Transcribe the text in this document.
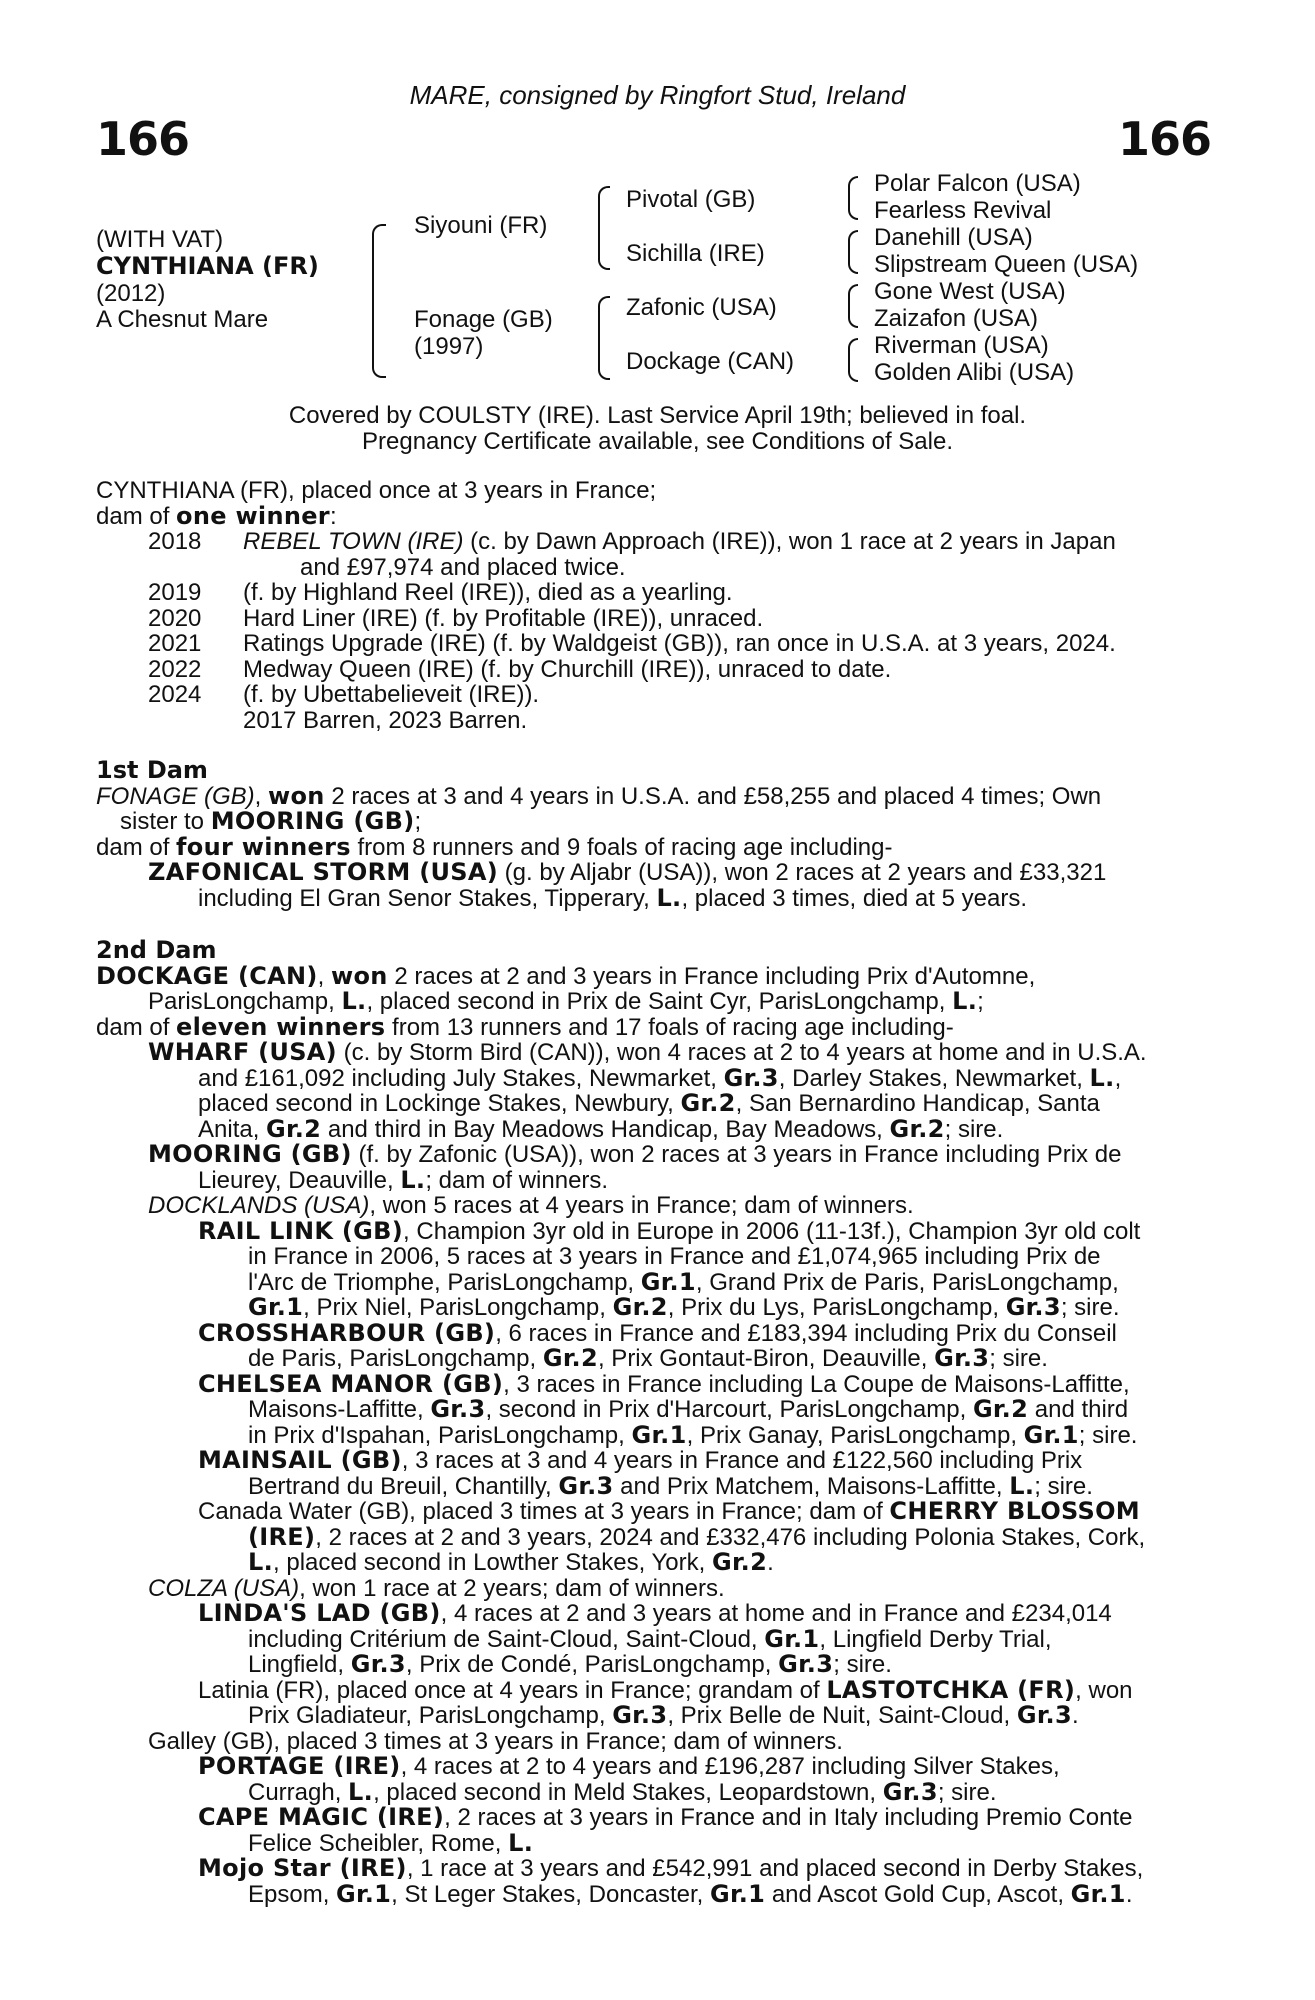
MARE, consigned by Ringfort Stud, Ireland
166	166
(WITH VAT)
CYNTHIANA (FR)
(2012)
A Chesnut Mare
Siyouni (FR)
Fonage (GB)
(1997)
Pivotal (GB)
Sichilla (IRE)
Zafonic (USA)
Dockage (CAN)
Polar Falcon (USA)
Fearless Revival
Danehill (USA)
Slipstream Queen (USA)
Gone West (USA)
Zaizafon (USA)
Riverman (USA)
Golden Alibi (USA)
Covered by COULSTY (IRE). Last Service April 19th; believed in foal.
Pregnancy Certificate available, see Conditions of Sale.
CYNTHIANA (FR), placed once at 3 years in France;
dam of one winner:
2018 REBEL TOWN (IRE) (c. by Dawn Approach (IRE)), won 1 race at 2 years in Japan
and £97,974 and placed twice.
2019 (f. by Highland Reel (IRE)), died as a yearling.
2020 Hard Liner (IRE) (f. by Profitable (IRE)), unraced.
2021 Ratings Upgrade (IRE) (f. by Waldgeist (GB)), ran once in U.S.A. at 3 years, 2024.
2022 Medway Queen (IRE) (f. by Churchill (IRE)), unraced to date.
2024 (f. by Ubettabelieveit (IRE)).
2017 Barren, 2023 Barren.
1st Dam
FONAGE (GB), won 2 races at 3 and 4 years in U.S.A. and £58,255 and placed 4 times; Own
sister to MOORING (GB);
dam of four winners from 8 runners and 9 foals of racing age including-
ZAFONICAL STORM (USA) (g. by Aljabr (USA)), won 2 races at 2 years and £33,321
including El Gran Senor Stakes, Tipperary, L., placed 3 times, died at 5 years.
2nd Dam
DOCKAGE (CAN), won 2 races at 2 and 3 years in France including Prix d'Automne,
ParisLongchamp, L., placed second in Prix de Saint Cyr, ParisLongchamp, L.;
dam of eleven winners from 13 runners and 17 foals of racing age including-
WHARF (USA) (c. by Storm Bird (CAN)), won 4 races at 2 to 4 years at home and in U.S.A.
and £161,092 including July Stakes, Newmarket, Gr.3, Darley Stakes, Newmarket, L.,
placed second in Lockinge Stakes, Newbury, Gr.2, San Bernardino Handicap, Santa
Anita, Gr.2 and third in Bay Meadows Handicap, Bay Meadows, Gr.2; sire.
MOORING (GB) (f. by Zafonic (USA)), won 2 races at 3 years in France including Prix de
Lieurey, Deauville, L.; dam of winners.
DOCKLANDS (USA), won 5 races at 4 years in France; dam of winners.
RAIL LINK (GB), Champion 3yr old in Europe in 2006 (11-13f.), Champion 3yr old colt
in France in 2006, 5 races at 3 years in France and £1,074,965 including Prix de
l'Arc de Triomphe, ParisLongchamp, Gr.1, Grand Prix de Paris, ParisLongchamp,
Gr.1, Prix Niel, ParisLongchamp, Gr.2, Prix du Lys, ParisLongchamp, Gr.3; sire.
CROSSHARBOUR (GB), 6 races in France and £183,394 including Prix du Conseil
de Paris, ParisLongchamp, Gr.2, Prix Gontaut-Biron, Deauville, Gr.3; sire.
CHELSEA MANOR (GB), 3 races in France including La Coupe de Maisons-Laffitte,
Maisons-Laffitte, Gr.3, second in Prix d'Harcourt, ParisLongchamp, Gr.2 and third
in Prix d'Ispahan, ParisLongchamp, Gr.1, Prix Ganay, ParisLongchamp, Gr.1; sire.
MAINSAIL (GB), 3 races at 3 and 4 years in France and £122,560 including Prix
Bertrand du Breuil, Chantilly, Gr.3 and Prix Matchem, Maisons-Laffitte, L.; sire.
Canada Water (GB), placed 3 times at 3 years in France; dam of CHERRY BLOSSOM
(IRE), 2 races at 2 and 3 years, 2024 and £332,476 including Polonia Stakes, Cork,
L., placed second in Lowther Stakes, York, Gr.2.
COLZA (USA), won 1 race at 2 years; dam of winners.
LINDA'S LAD (GB), 4 races at 2 and 3 years at home and in France and £234,014
including Critérium de Saint-Cloud, Saint-Cloud, Gr.1, Lingfield Derby Trial,
Lingfield, Gr.3, Prix de Condé, ParisLongchamp, Gr.3; sire.
Latinia (FR), placed once at 4 years in France; grandam of LASTOTCHKA (FR), won
Prix Gladiateur, ParisLongchamp, Gr.3, Prix Belle de Nuit, Saint-Cloud, Gr.3.
Galley (GB), placed 3 times at 3 years in France; dam of winners.
PORTAGE (IRE), 4 races at 2 to 4 years and £196,287 including Silver Stakes,
Curragh, L., placed second in Meld Stakes, Leopardstown, Gr.3; sire.
CAPE MAGIC (IRE), 2 races at 3 years in France and in Italy including Premio Conte
Felice Scheibler, Rome, L.
Mojo Star (IRE), 1 race at 3 years and £542,991 and placed second in Derby Stakes,
Epsom, Gr.1, St Leger Stakes, Doncaster, Gr.1 and Ascot Gold Cup, Ascot, Gr.1.
